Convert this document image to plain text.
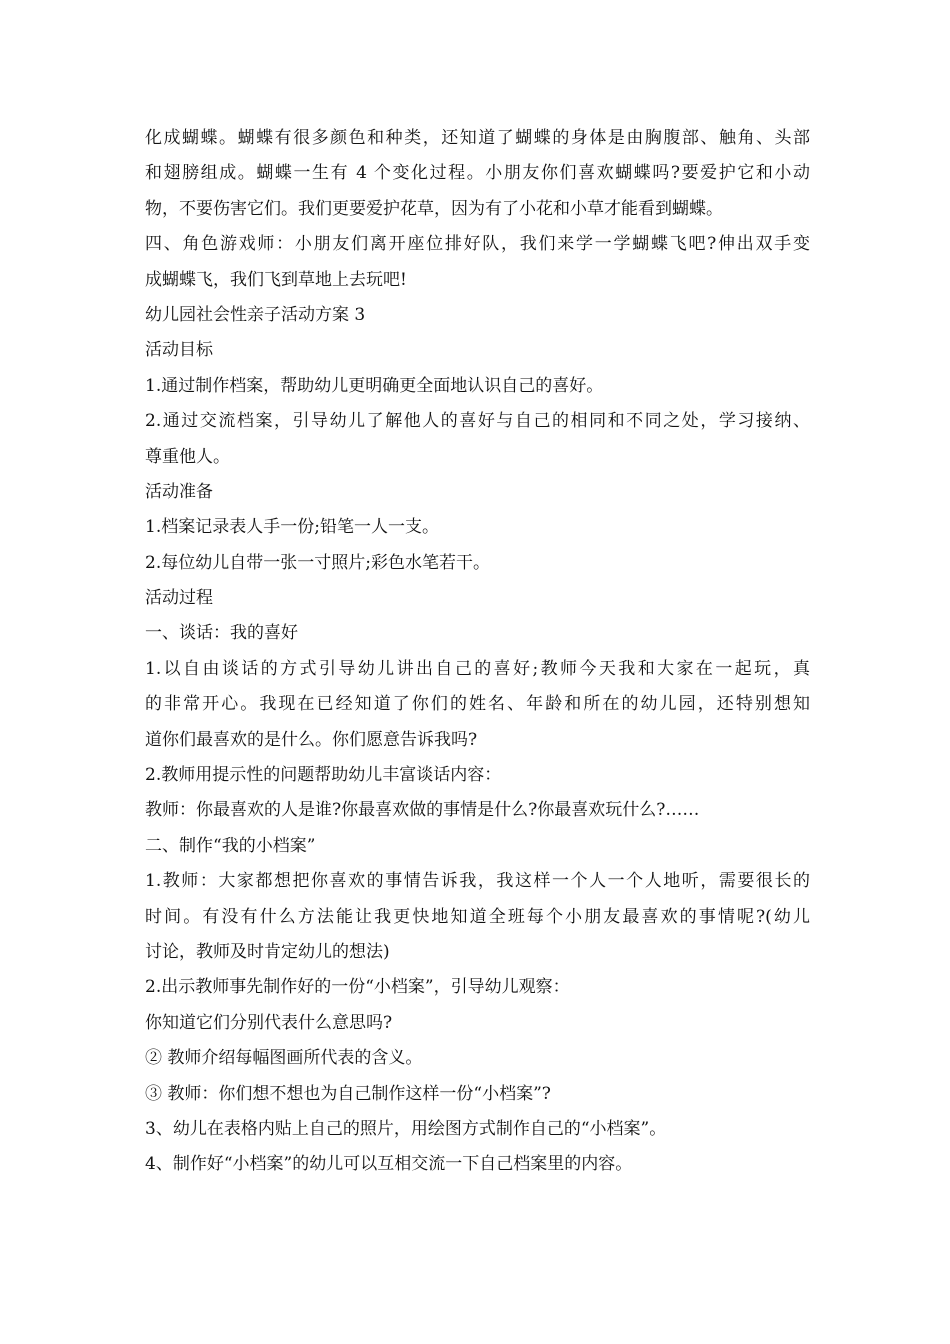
化成蝴蝶。蝴蝶有很多颜色和种类，还知道了蝴蝶的身体是由胸腹部、触角、头部
和翅膀组成。蝴蝶一生有 4 个变化过程。小朋友你们喜欢蝴蝶吗?要爱护它和小动
物，不要伤害它们。我们更要爱护花草，因为有了小花和小草才能看到蝴蝶。
四、角色游戏师：小朋友们离开座位排好队，我们来学一学蝴蝶飞吧?伸出双手变
成蝴蝶飞，我们飞到草地上去玩吧!
幼儿园社会性亲子活动方案 3
活动目标
1.通过制作档案，帮助幼儿更明确更全面地认识自己的喜好。
2.通过交流档案，引导幼儿了解他人的喜好与自己的相同和不同之处，学习接纳、
尊重他人。
活动准备
1.档案记录表人手一份;铅笔一人一支。
2.每位幼儿自带一张一寸照片;彩色水笔若干。
活动过程
一、谈话：我的喜好
1.以自由谈话的方式引导幼儿讲出自己的喜好;教师今天我和大家在一起玩，真
的非常开心。我现在已经知道了你们的姓名、年龄和所在的幼儿园，还特别想知
道你们最喜欢的是什么。你们愿意告诉我吗?
2.教师用提示性的问题帮助幼儿丰富谈话内容：
教师：你最喜欢的人是谁?你最喜欢做的事情是什么?你最喜欢玩什么?……
二、制作“我的小档案”
1.教师：大家都想把你喜欢的事情告诉我，我这样一个人一个人地听，需要很长的
时间。有没有什么方法能让我更快地知道全班每个小朋友最喜欢的事情呢?(幼儿
讨论，教师及时肯定幼儿的想法)
2.出示教师事先制作好的一份“小档案”，引导幼儿观察：
你知道它们分别代表什么意思吗?
② 教师介绍每幅图画所代表的含义。
③ 教师：你们想不想也为自己制作这样一份“小档案”?
3、幼儿在表格内贴上自己的照片，用绘图方式制作自己的“小档案”。
4、制作好“小档案”的幼儿可以互相交流一下自己档案里的内容。
